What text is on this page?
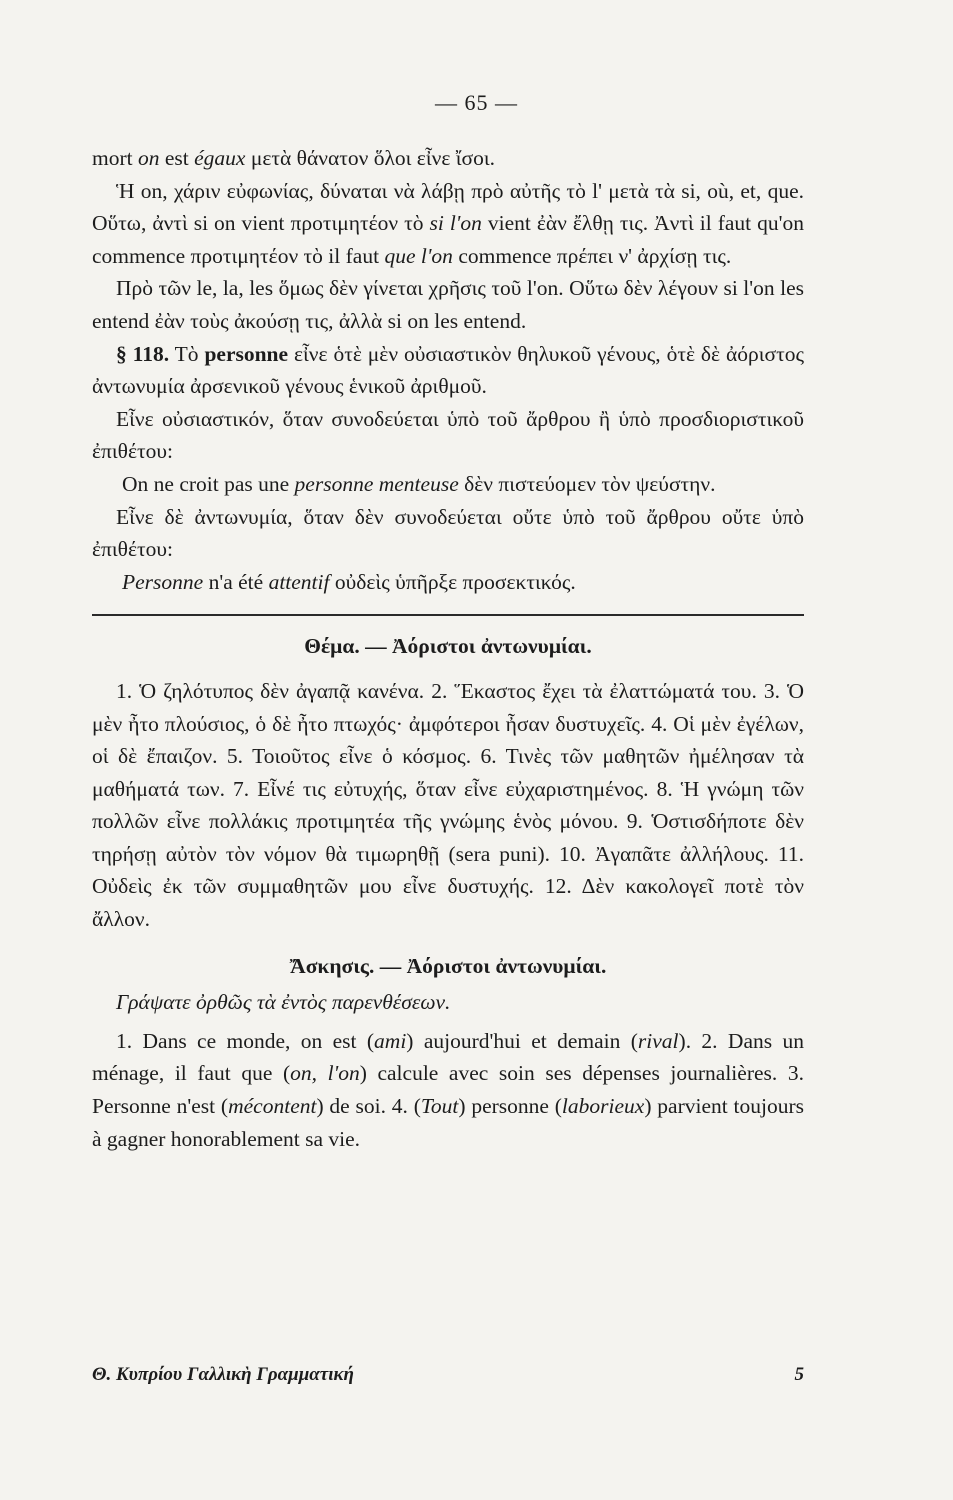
— 65 —

mort on est égaux μετὰ θάνατον ὅλοι εἶνε ἴσοι.

Ἡ on, χάριν εὐφωνίας, δύναται νὰ λάβῃ πρὸ αὐτῆς τὸ l' μετὰ τὰ si, où, et, que. Οὕτω, ἀντὶ si on vient προτιμητέον τὸ si l'on vient ἐὰν ἔλθῃ τις. Ἀντὶ il faut qu'on commence προτιμητέον τὸ il faut que l'on commence πρέπει ν' ἀρχίσῃ τις.

Πρὸ τῶν le, la, les ὅμως δὲν γίνεται χρῆσις τοῦ l'on. Οὕτω δὲν λέγουν si l'on les entend ἐὰν τοὺς ἀκούσῃ τις, ἀλλὰ si on les entend.

§ 118. Τὸ personne εἶνε ὁτὲ μὲν οὐσιαστικὸν θηλυκοῦ γένους, ὁτὲ δὲ ἀόριστος ἀντωνυμία ἀρσενικοῦ γένους ἑνικοῦ ἀριθμοῦ.

Εἶνε οὐσιαστικόν, ὅταν συνοδεύεται ὑπὸ τοῦ ἄρθρου ἢ ὑπὸ προσδιοριστικοῦ ἐπιθέτου:

On ne croit pas une personne menteuse δὲν πιστεύομεν τὸν ψεύστην.

Εἶνε δὲ ἀντωνυμία, ὅταν δὲν συνοδεύεται οὔτε ὑπὸ τοῦ ἄρθρου οὔτε ὑπὸ ἐπιθέτου:

Personne n'a été attentif οὐδεὶς ὑπῆρξε προσεκτικός.

Θέμα. — Ἀόριστοι ἀντωνυμίαι.

1. Ὁ ζηλότυπος δὲν ἀγαπᾷ κανένα. 2. Ἕκαστος ἔχει τὰ ἐλαττώματά του. 3. Ὁ μὲν ἦτο πλούσιος, ὁ δὲ ἦτο πτωχός· ἀμφότεροι ἦσαν δυστυχεῖς. 4. Οἱ μὲν ἐγέλων, οἱ δὲ ἔπαιζον. 5. Τοιοῦτος εἶνε ὁ κόσμος. 6. Τινὲς τῶν μαθητῶν ἠμέλησαν τὰ μαθήματά των. 7. Εἶνέ τις εὐτυχής, ὅταν εἶνε εὐχαριστημένος. 8. Ἡ γνώμη τῶν πολλῶν εἶνε πολλάκις προτιμητέα τῆς γνώμης ἑνὸς μόνου. 9. Ὁστισδήποτε δὲν τηρήσῃ αὐτὸν τὸν νόμον θὰ τιμωρηθῇ (sera puni). 10. Ἀγαπᾶτε ἀλλήλους. 11. Οὐδεὶς ἐκ τῶν συμμαθητῶν μου εἶνε δυστυχής. 12. Δὲν κακολογεῖ ποτὲ τὸν ἄλλον.

Ἄσκησις. — Ἀόριστοι ἀντωνυμίαι.

Γράψατε ὀρθῶς τὰ ἐντὸς παρενθέσεων.

1. Dans ce monde, on est (ami) aujourd'hui et demain (rival). 2. Dans un ménage, il faut que (on, l'on) calcule avec soin ses dépenses journalières. 3. Personne n'est (mécontent) de soi. 4. (Tout) personne (laborieux) parvient toujours à gagner honorablement sa vie.

Θ. Κυπρίου Γαλλικὴ Γραμματική	5
